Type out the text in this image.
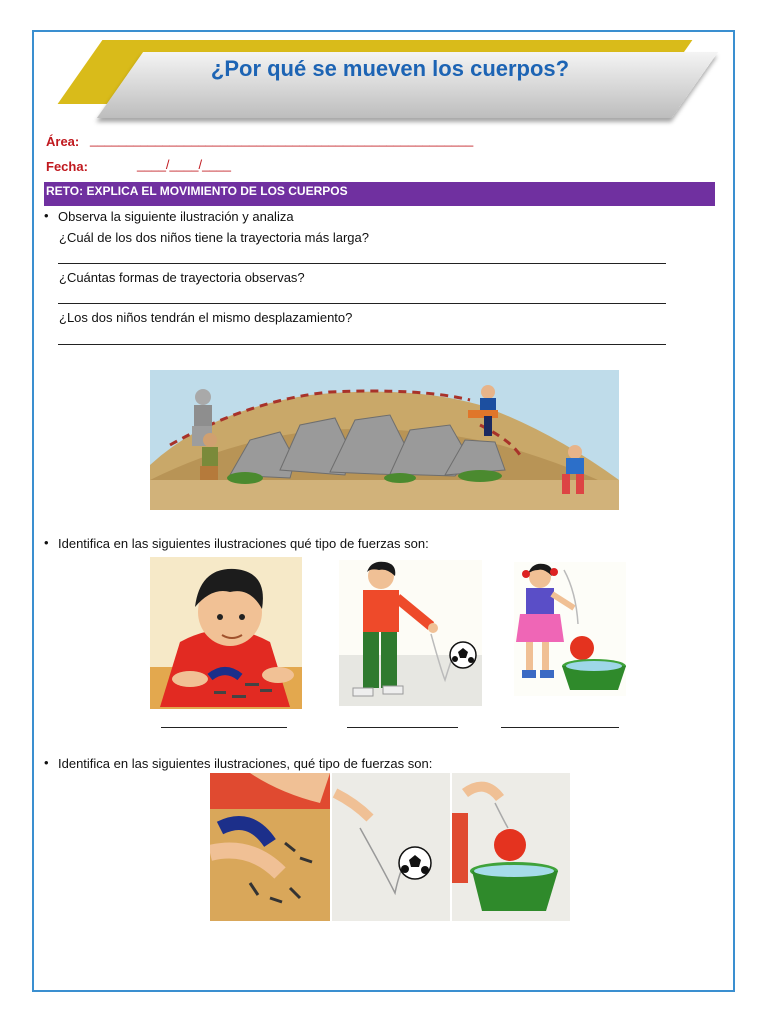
¿Por qué se mueven los cuerpos?
Área: _____________________________________________________
Fecha:	____/____/____
RETO: EXPLICA EL MOVIMIENTO DE LOS CUERPOS
• Observa la siguiente ilustración y analiza
¿Cuál de los dos niños tiene la trayectoria más larga?
¿Cuántas formas de trayectoria observas?
¿Los dos niños tendrán el mismo desplazamiento?
• Identifica en las siguientes ilustraciones qué tipo de fuerzas son:
• Identifica en las siguientes ilustraciones, qué tipo de fuerzas son:
